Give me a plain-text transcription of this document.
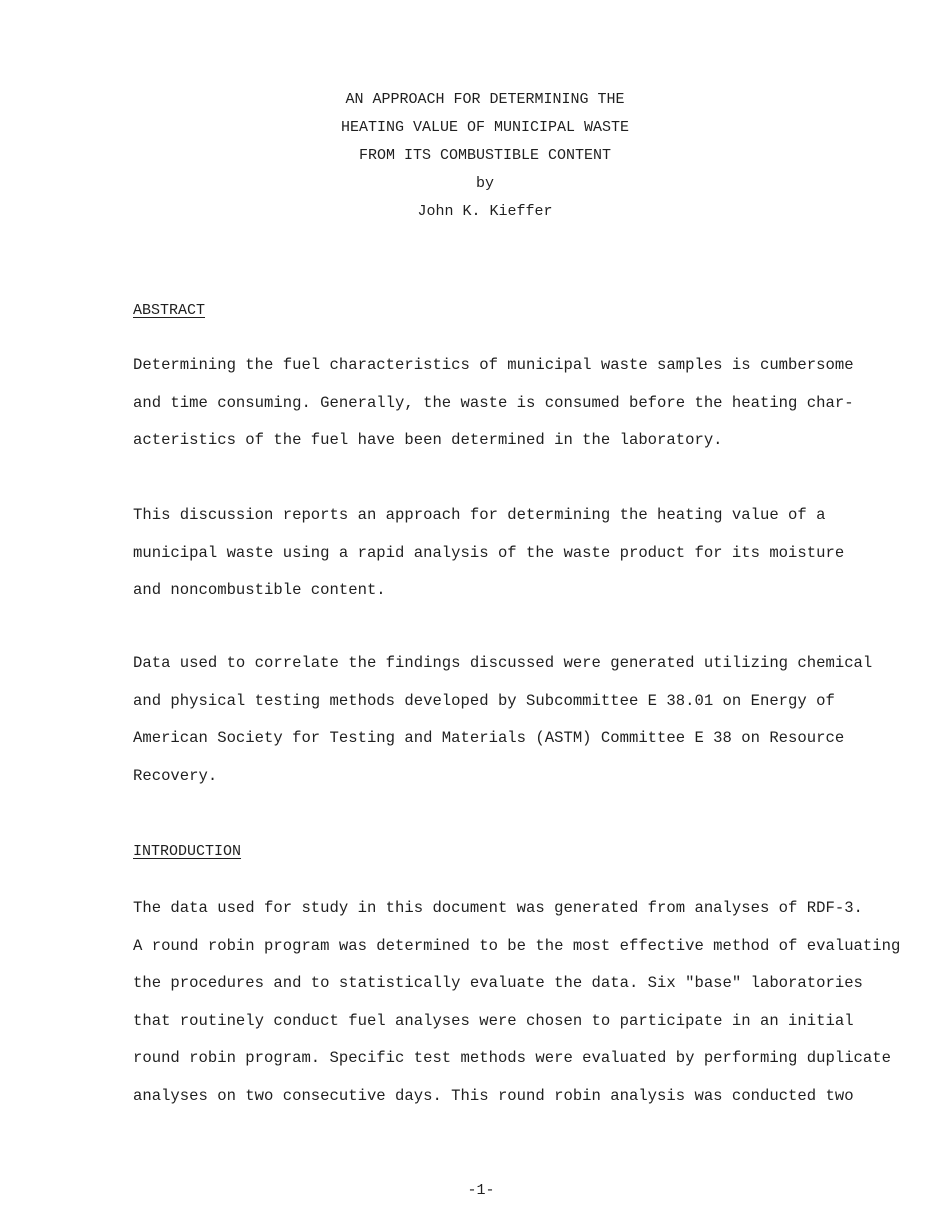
AN APPROACH FOR DETERMINING THE
HEATING VALUE OF MUNICIPAL WASTE
FROM ITS COMBUSTIBLE CONTENT
by
John K. Kieffer
ABSTRACT
Determining the fuel characteristics of municipal waste samples is cumbersome
and time consuming. Generally, the waste is consumed before the heating char-
acteristics of the fuel have been determined in the laboratory.
This discussion reports an approach for determining the heating value of a
municipal waste using a rapid analysis of the waste product for its moisture
and noncombustible content.
Data used to correlate the findings discussed were generated utilizing chemical
and physical testing methods developed by Subcommittee E 38.01 on Energy of
American Society for Testing and Materials (ASTM) Committee E 38 on Resource
Recovery.
INTRODUCTION
The data used for study in this document was generated from analyses of RDF-3.
A round robin program was determined to be the most effective method of evaluating
the procedures and to statistically evaluate the data. Six "base" laboratories
that routinely conduct fuel analyses were chosen to participate in an initial
round robin program. Specific test methods were evaluated by performing duplicate
analyses on two consecutive days. This round robin analysis was conducted two
-1-
